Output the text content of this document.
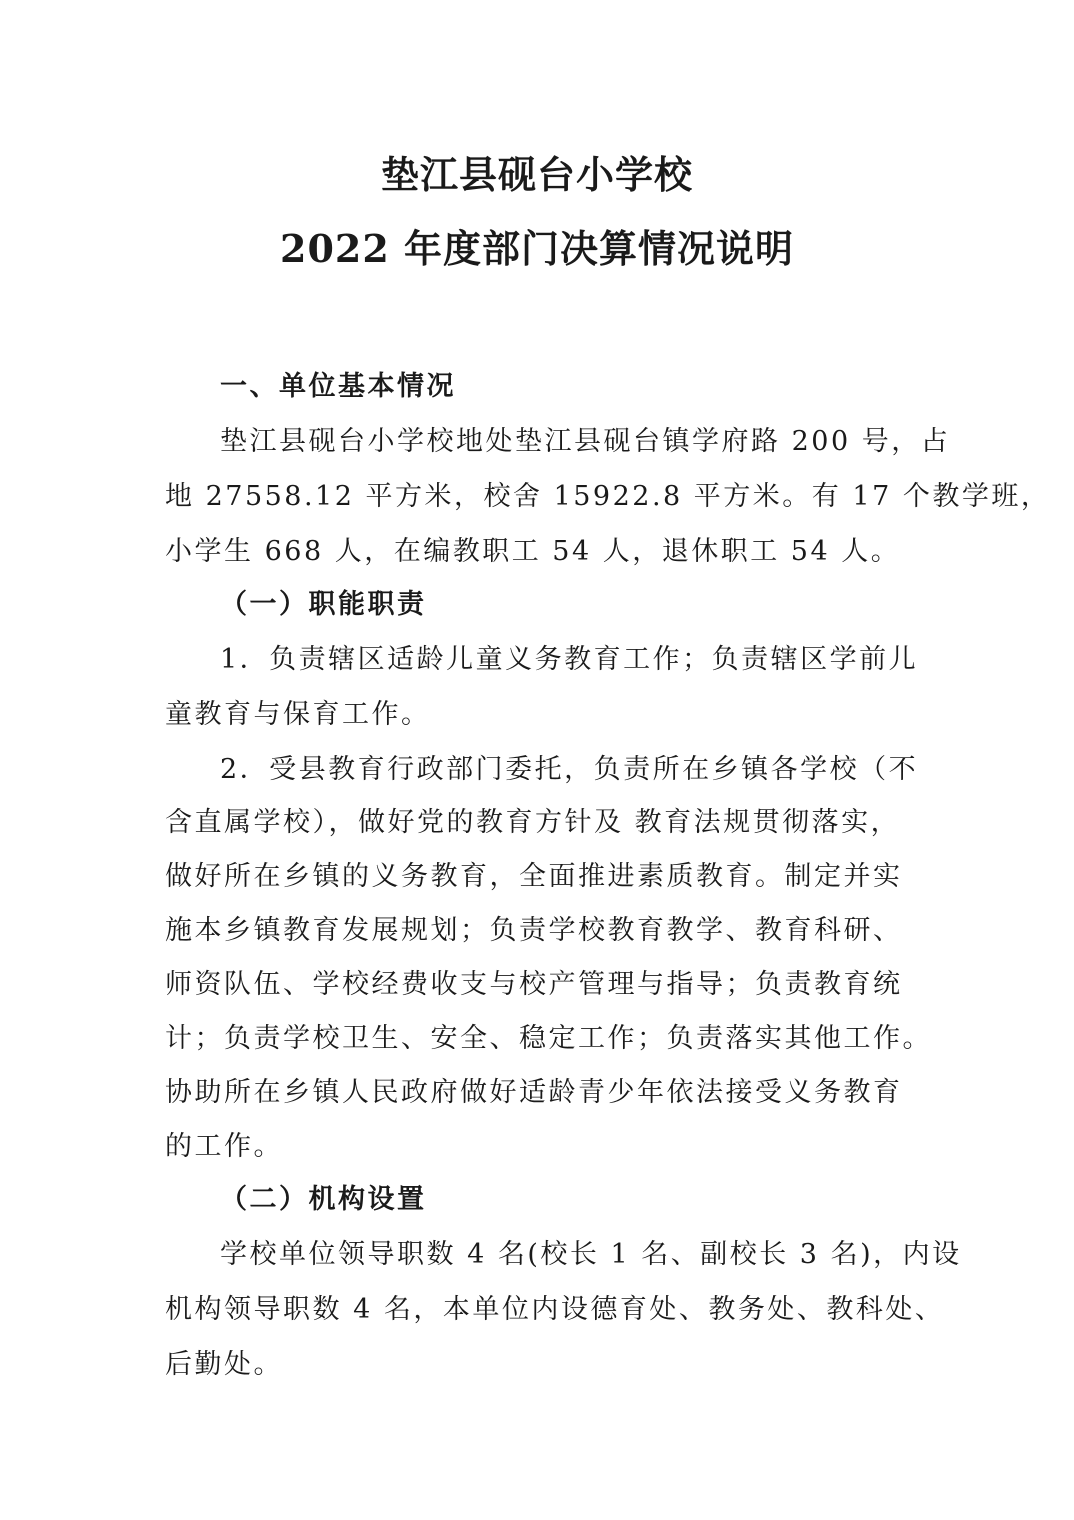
垫江县砚台小学校
2022 年度部门决算情况说明
一、单位基本情况
垫江县砚台小学校地处垫江县砚台镇学府路 200 号，占
地 27558.12 平方米，校舍 15922.8 平方米。有 17 个教学班，
小学生 668 人，在编教职工 54 人，退休职工 54 人。
（一）职能职责
1．负责辖区适龄儿童义务教育工作；负责辖区学前儿
童教育与保育工作。
2．受县教育行政部门委托，负责所在乡镇各学校（不
含直属学校），做好党的教育方针及 教育法规贯彻落实，
做好所在乡镇的义务教育，全面推进素质教育。制定并实
施本乡镇教育发展规划；负责学校教育教学、教育科研、
师资队伍、学校经费收支与校产管理与指导；负责教育统
计；负责学校卫生、安全、稳定工作；负责落实其他工作。
协助所在乡镇人民政府做好适龄青少年依法接受义务教育
的工作。
（二）机构设置
学校单位领导职数 4 名(校长 1 名、副校长 3 名)，内设
机构领导职数 4 名，本单位内设德育处、教务处、教科处、
后勤处。
